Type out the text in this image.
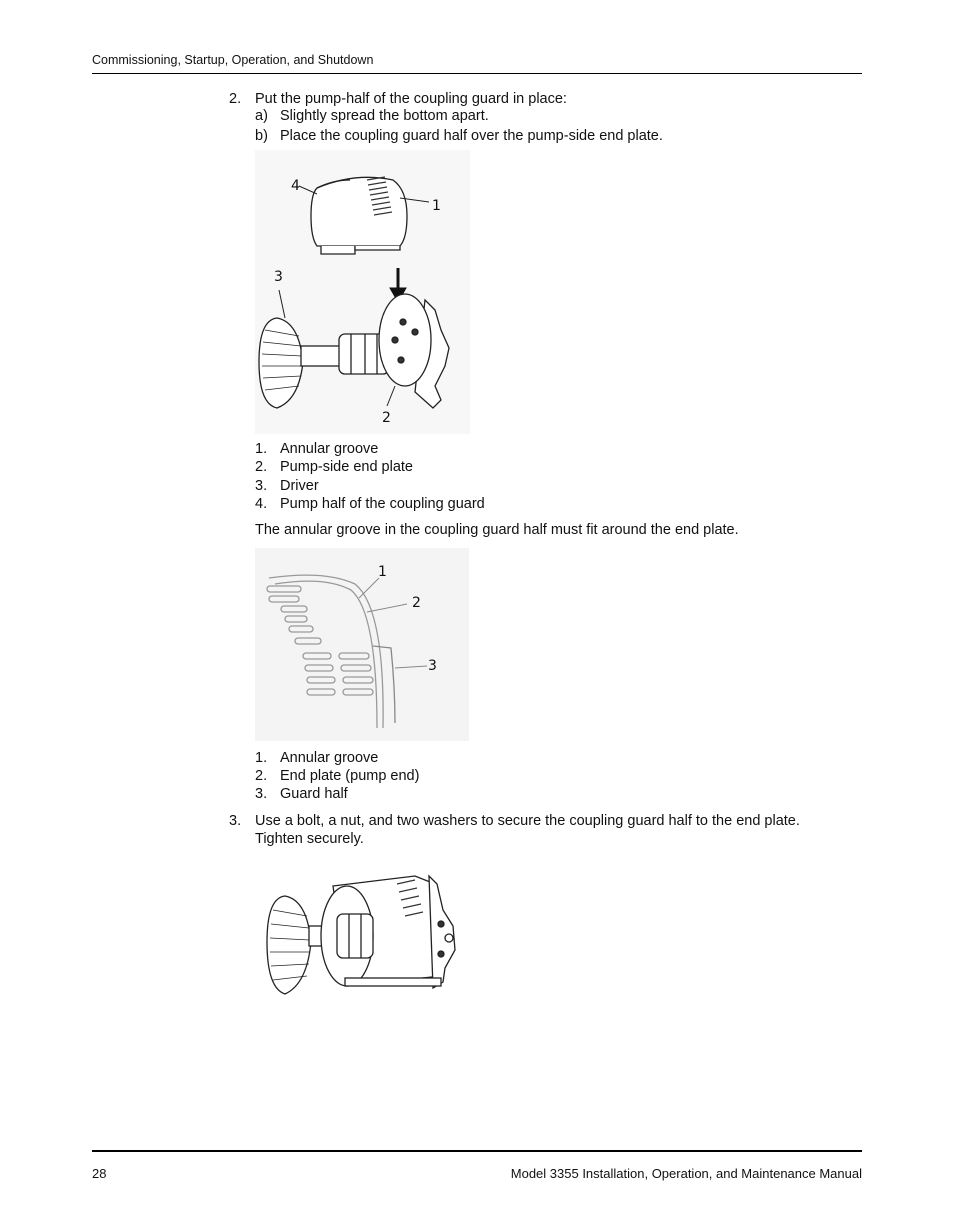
Commissioning, Startup, Operation, and Shutdown
2. Put the pump-half of the coupling guard in place:
a) Slightly spread the bottom apart.
b) Place the coupling guard half over the pump-side end plate.
4
1
3
2
1. Annular groove
2. Pump-side end plate
3. Driver
4. Pump half of the coupling guard
The annular groove in the coupling guard half must fit around the end plate.
1
2
3
1. Annular groove
2. End plate (pump end)
3. Guard half
3. Use a bolt, a nut, and two washers to secure the coupling guard half to the end plate.
Tighten securely.
28	Model 3355 Installation, Operation, and Maintenance Manual
